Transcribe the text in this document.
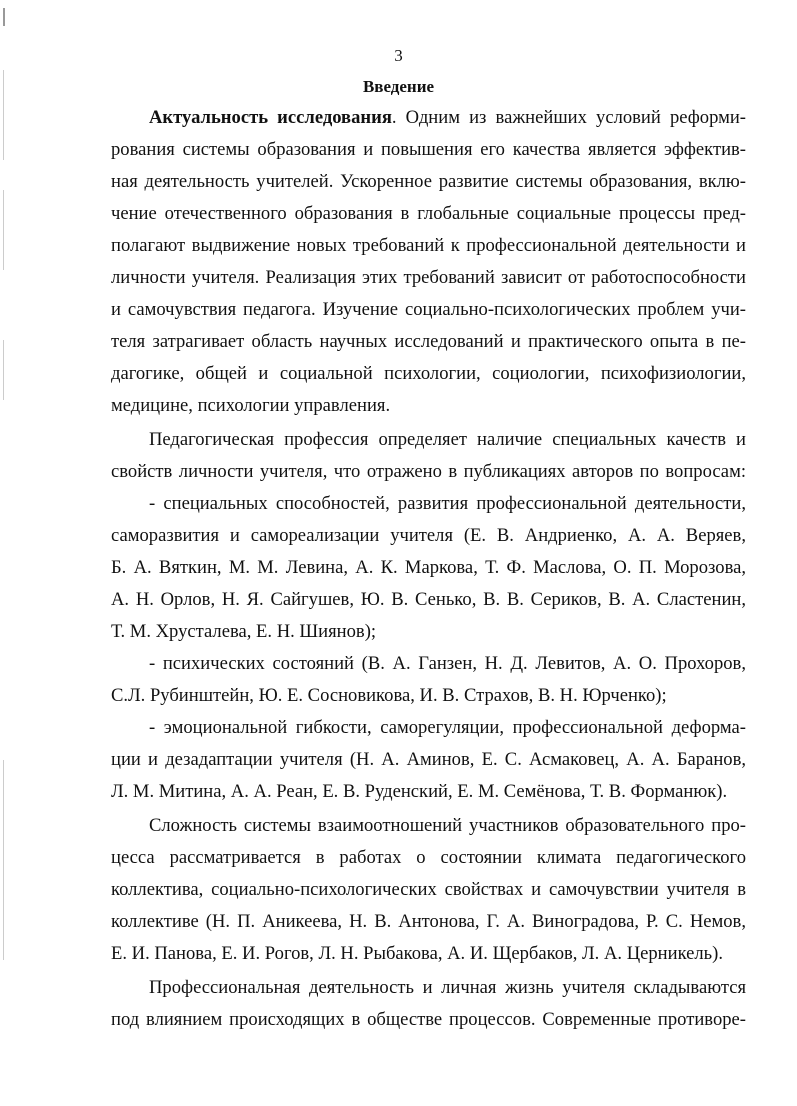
3
Введение
Актуальность исследования. Одним из важнейших условий реформи-
рования системы образования и повышения его качества является эффектив-
ная деятельность учителей. Ускоренное развитие системы образования, вклю-
чение отечественного образования в глобальные социальные процессы пред-
полагают выдвижение новых требований к профессиональной деятельности и
личности учителя. Реализация этих требований зависит от работоспособности
и самочувствия педагога. Изучение социально-психологических проблем учи-
теля затрагивает область научных исследований и практического опыта в пе-
дагогике, общей и социальной психологии, социологии, психофизиологии,
медицине, психологии управления.
Педагогическая профессия определяет наличие специальных качеств и
свойств личности учителя, что отражено в публикациях авторов по вопросам:
- специальных способностей, развития профессиональной деятельности,
саморазвития и самореализации учителя (Е. В. Андриенко, А. А. Веряев,
Б. А. Вяткин, М. М. Левина, А. К. Маркова, Т. Ф. Маслова, О. П. Морозова,
А. Н. Орлов, Н. Я. Сайгушев, Ю. В. Сенько, В. В. Сериков, В. А. Сластенин,
Т. М. Хрусталева, Е. Н. Шиянов);
- психических состояний (В. А. Ганзен, Н. Д. Левитов, А. О. Прохоров,
С.Л. Рубинштейн, Ю. Е. Сосновикова, И. В. Страхов, В. Н. Юрченко);
- эмоциональной гибкости, саморегуляции, профессиональной деформа-
ции и дезадаптации учителя (Н. А. Аминов, Е. С. Асмаковец, А. А. Баранов,
Л. М. Митина, А. А. Реан, Е. В. Руденский, Е. М. Семёнова, Т. В. Форманюк).
Сложность системы взаимоотношений участников образовательного про-
цесса рассматривается в работах о состоянии климата педагогического
коллектива, социально-психологических свойствах и самочувствии учителя в
коллективе (Н. П. Аникеева, Н. В. Антонова, Г. А. Виноградова, Р. С. Немов,
Е. И. Панова, Е. И. Рогов, Л. Н. Рыбакова, А. И. Щербаков, Л. А. Церникель).
Профессиональная деятельность и личная жизнь учителя складываются
под влиянием происходящих в обществе процессов. Современные противоре-
